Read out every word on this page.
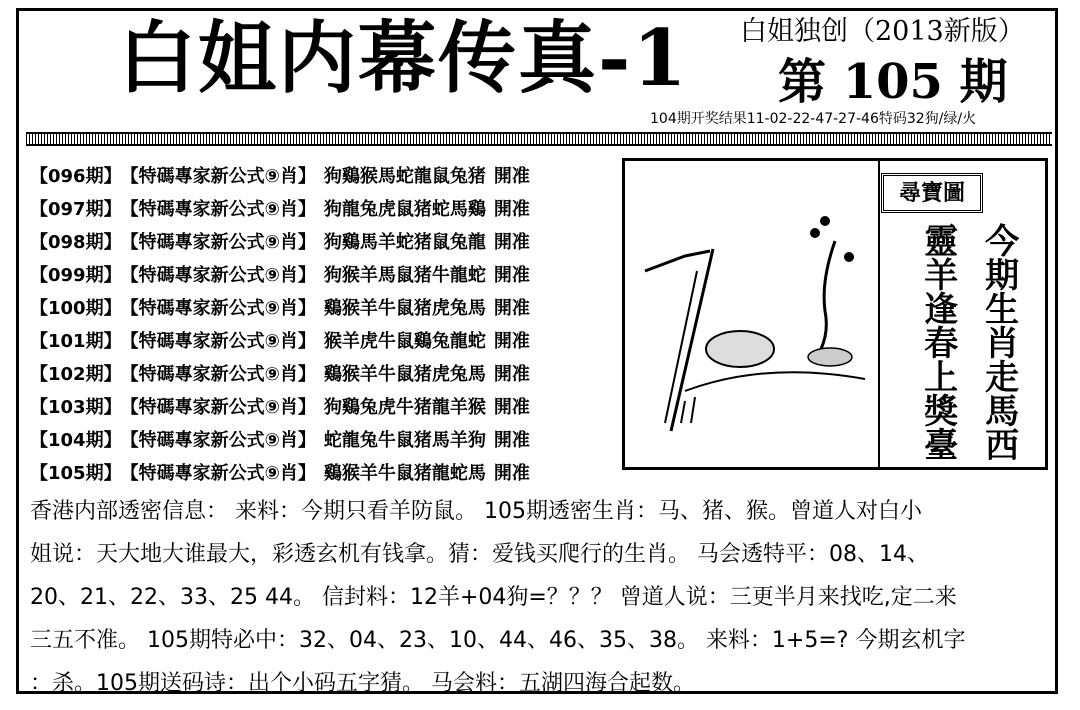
白姐内幕传真-1 白姐独创（2013新版）
第 105 期
104期开奖结果11-02-22-47-27-46特码32狗/绿/火
【096期】 【特碼專家新公式⑨肖】 狗鷄猴馬蛇龍鼠兔猪 開准
【097期】 【特碼專家新公式⑨肖】 狗龍兔虎鼠猪蛇馬鷄 開准
【098期】 【特碼專家新公式⑨肖】 狗鷄馬羊蛇猪鼠兔龍 開准
【099期】 【特碼專家新公式⑨肖】 狗猴羊馬鼠猪牛龍蛇 開准
【100期】 【特碼專家新公式⑨肖】 鷄猴羊牛鼠猪虎兔馬 開准
【101期】 【特碼專家新公式⑨肖】 猴羊虎牛鼠鷄兔龍蛇 開准
【102期】 【特碼專家新公式⑨肖】 鷄猴羊牛鼠猪虎兔馬 開准
【103期】 【特碼專家新公式⑨肖】 狗鷄兔虎牛猪龍羊猴 開准
【104期】 【特碼專家新公式⑨肖】 蛇龍兔牛鼠猪馬羊狗 開准
【105期】 【特碼專家新公式⑨肖】 鷄猴羊牛鼠猪龍蛇馬 開准
尋寶圖
今期生肖走馬西
靈羊逢春上獎臺
香港内部透密信息： 来料：今期只看羊防鼠。 105期透密生肖：马、猪、猴。曾道人对白小
姐说：天大地大谁最大，彩透玄机有钱拿。猜：爱钱买爬行的生肖。 马会透特平：08、14、
20、21、22、33、25 44。 信封料：12羊+04狗=？？？ 曾道人说：三更半月来找吃,定二来
三五不准。 105期特必中：32、04、23、10、44、46、35、38。 来料：1+5=? 今期玄机字
：杀。105期送码诗：出个小码五字猜。 马会料：五湖四海合起数。
